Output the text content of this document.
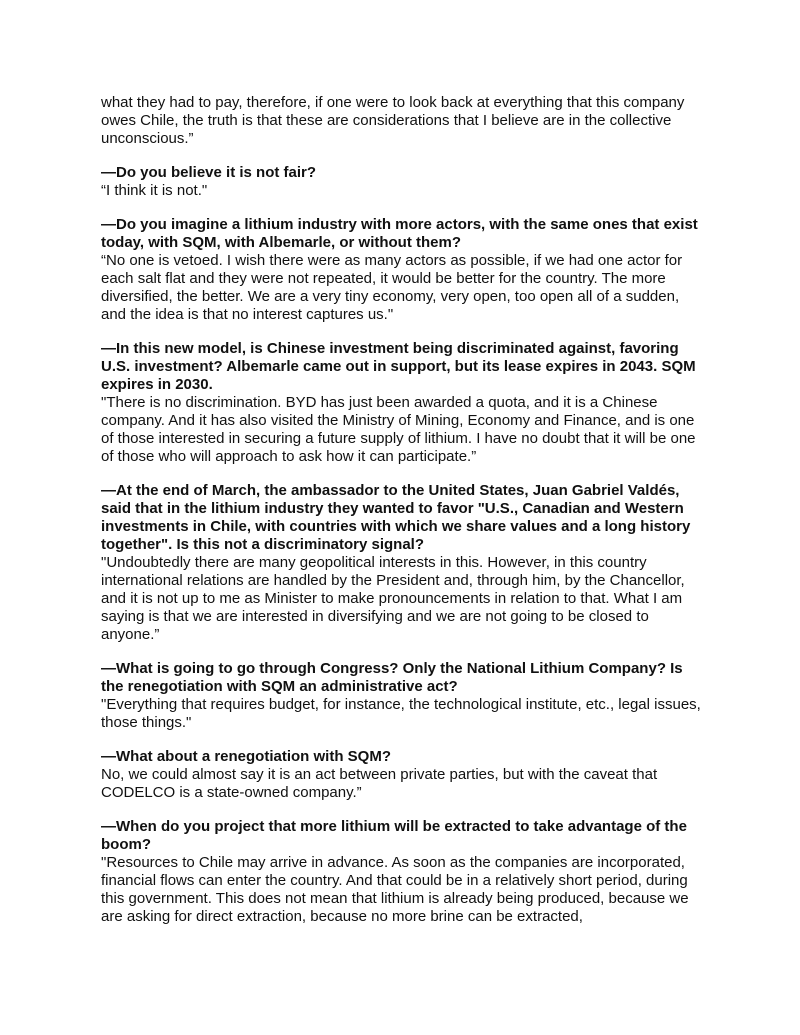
what they had to pay, therefore, if one were to look back at everything that this company owes Chile, the truth is that these are considerations that I believe are in the collective unconscious.”

—Do you believe it is not fair?

“I think it is not."

—Do you imagine a lithium industry with more actors, with the same ones that exist today, with SQM, with Albemarle, or without them?

“No one is vetoed. I wish there were as many actors as possible, if we had one actor for each salt flat and they were not repeated, it would be better for the country. The more diversified, the better. We are a very tiny economy, very open, too open all of a sudden, and the idea is that no interest captures us."

—In this new model, is Chinese investment being discriminated against, favoring U.S. investment? Albemarle came out in support, but its lease expires in 2043. SQM expires in 2030.

"There is no discrimination. BYD has just been awarded a quota, and it is a Chinese company. And it has also visited the Ministry of Mining, Economy and Finance, and is one of those interested in securing a future supply of lithium. I have no doubt that it will be one of those who will approach to ask how it can participate.”

—At the end of March, the ambassador to the United States, Juan Gabriel Valdés, said that in the lithium industry they wanted to favor "U.S., Canadian and Western investments in Chile, with countries with which we share values and a long history together". Is this not a discriminatory signal?

"Undoubtedly there are many geopolitical interests in this. However, in this country international relations are handled by the President and, through him, by the Chancellor, and it is not up to me as Minister to make pronouncements in relation to that. What I am saying is that we are interested in diversifying and we are not going to be closed to anyone.”

—What is going to go through Congress? Only the National Lithium Company? Is the renegotiation with SQM an administrative act?

"Everything that requires budget, for instance, the technological institute, etc., legal issues, those things."

—What about a renegotiation with SQM?

No, we could almost say it is an act between private parties, but with the caveat that CODELCO is a state-owned company.”

—When do you project that more lithium will be extracted to take advantage of the boom?

"Resources to Chile may arrive in advance. As soon as the companies are incorporated, financial flows can enter the country. And that could be in a relatively short period, during this government. This does not mean that lithium is already being produced, because we are asking for direct extraction, because no more brine can be extracted,
